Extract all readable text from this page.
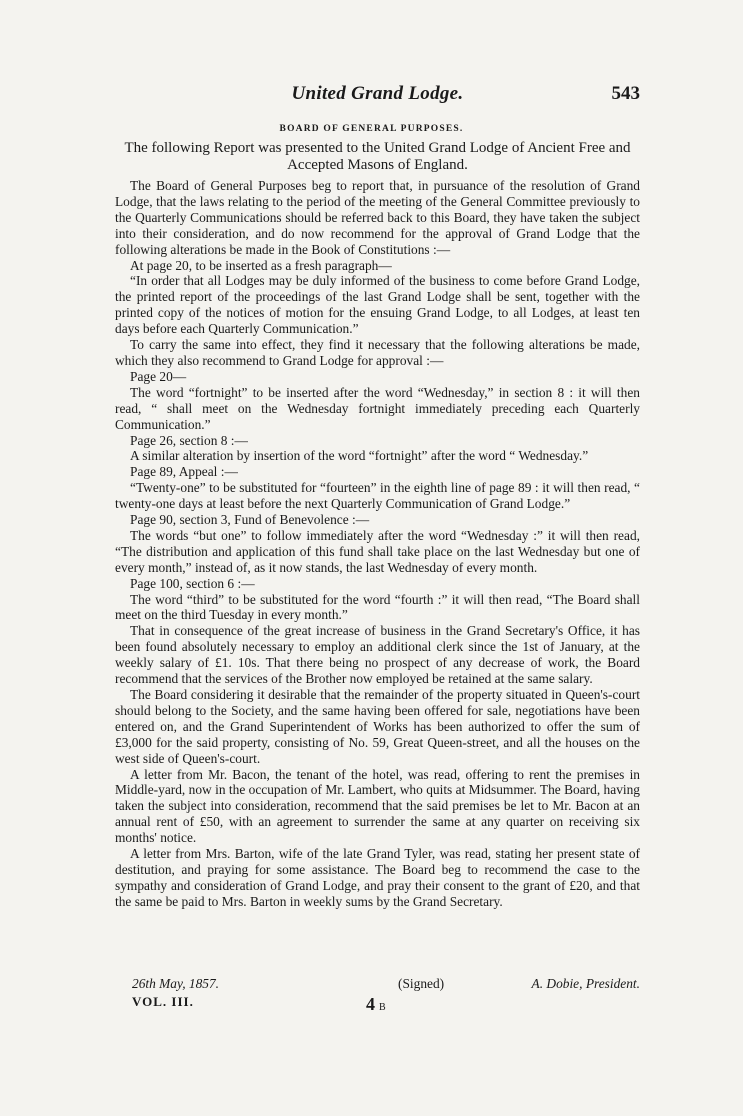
United Grand Lodge.	543
BOARD OF GENERAL PURPOSES.
The following Report was presented to the United Grand Lodge of Ancient Free and Accepted Masons of England.

The Board of General Purposes beg to report that, in pursuance of the resolution of Grand Lodge, that the laws relating to the period of the meeting of the General Committee previously to the Quarterly Communications should be referred back to this Board, they have taken the subject into their consideration, and do now recommend for the approval of Grand Lodge that the following alterations be made in the Book of Constitutions :—

At page 20, to be inserted as a fresh paragraph—

“In order that all Lodges may be duly informed of the business to come before Grand Lodge, the printed report of the proceedings of the last Grand Lodge shall be sent, together with the printed copy of the notices of motion for the ensuing Grand Lodge, to all Lodges, at least ten days before each Quarterly Communication.”

To carry the same into effect, they find it necessary that the following alterations be made, which they also recommend to Grand Lodge for approval :—

Page 20—

The word “fortnight” to be inserted after the word “Wednesday,” in section 8 : it will then read, “ shall meet on the Wednesday fortnight immediately preceding each Quarterly Communication.”

Page 26, section 8 :—

A similar alteration by insertion of the word “fortnight” after the word “ Wednesday.”

Page 89, Appeal :—

“Twenty-one” to be substituted for “fourteen” in the eighth line of page 89 : it will then read, “ twenty-one days at least before the next Quarterly Communication of Grand Lodge.”

Page 90, section 3, Fund of Benevolence :—

The words “but one” to follow immediately after the word “Wednesday :” it will then read, “The distribution and application of this fund shall take place on the last Wednesday but one of every month,” instead of, as it now stands, the last Wednesday of every month.

Page 100, section 6 :—

The word “third” to be substituted for the word “fourth :” it will then read, “The Board shall meet on the third Tuesday in every month.”

That in consequence of the great increase of business in the Grand Secretary's Office, it has been found absolutely necessary to employ an additional clerk since the 1st of January, at the weekly salary of £1. 10s. That there being no prospect of any decrease of work, the Board recommend that the services of the Brother now employed be retained at the same salary.

The Board considering it desirable that the remainder of the property situated in Queen's-court should belong to the Society, and the same having been offered for sale, negotiations have been entered on, and the Grand Superintendent of Works has been authorized to offer the sum of £3,000 for the said property, consisting of No. 59, Great Queen-street, and all the houses on the west side of Queen's-court.

A letter from Mr. Bacon, the tenant of the hotel, was read, offering to rent the premises in Middle-yard, now in the occupation of Mr. Lambert, who quits at Midsummer. The Board, having taken the subject into consideration, recommend that the said premises be let to Mr. Bacon at an annual rent of £50, with an agreement to surrender the same at any quarter on receiving six months' notice.

A letter from Mrs. Barton, wife of the late Grand Tyler, was read, stating her present state of destitution, and praying for some assistance. The Board beg to recommend the case to the sympathy and consideration of Grand Lodge, and pray their consent to the grant of £20, and that the same be paid to Mrs. Barton in weekly sums by the Grand Secretary.

26th May, 1857.	(Signed)	A. Dobie, President.
VOL. III.	4 B
